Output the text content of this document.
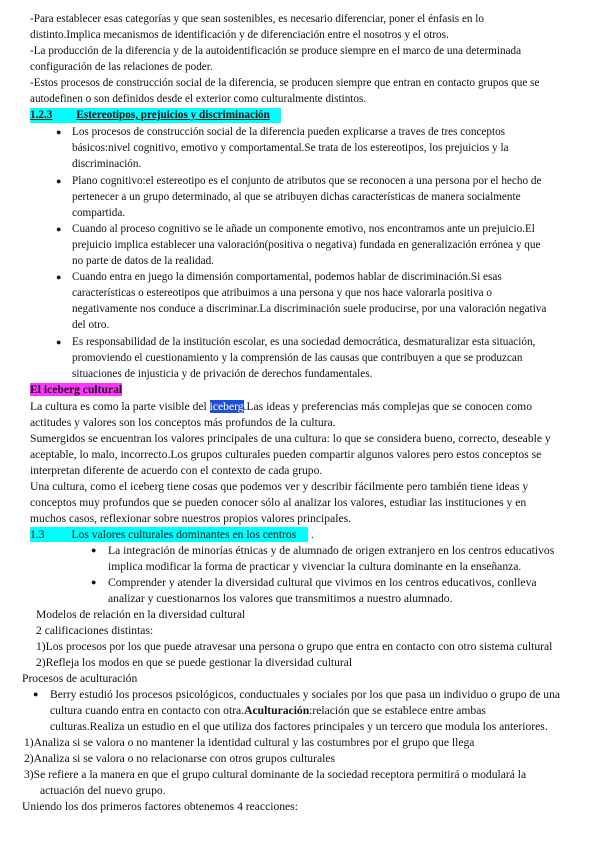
-Para establecer esas categorías y que sean sostenibles, es necesario diferenciar, poner el énfasis en lo
distinto.Implica mecanismos de identificación y de diferenciación entre el nosotros y el otros.
-La producción de la diferencia y de la autoidentificación se produce siempre en el marco de una determinada
configuración de las relaciones de poder.
-Estos procesos de construcción social de la diferencia, se producen siempre que entran en contacto grupos que se
autodefinen o son definidos desde el exterior como culturalmente distintos.
1.2.3 Estereotipos, prejuicios y discriminación
● Los procesos de construcción social de la diferencia pueden explicarse a traves de tres conceptos
básicos:nivel cognitivo, emotivo y comportamental.Se trata de los estereotipos, los prejuicios y la
discriminación.
● Plano cognitivo:el estereotipo es el conjunto de atributos que se reconocen a una persona por el hecho de
pertenecer a un grupo determinado, al que se atribuyen dichas características de manera socialmente
compartida.
● Cuando al proceso cognitivo se le añade un componente emotivo, nos encontramos ante un prejuicio.El
prejuicio implica establecer una valoración(positiva o negativa) fundada en generalización errónea y que
no parte de datos de la realidad.
● Cuando entra en juego la dimensión comportamental, podemos hablar de discriminación.Si esas
características o estereotipos que atribuimos a una persona y que nos hace valorarla positiva o
negativamente nos conduce a discriminar.La discriminación suele producirse, por una valoración negativa
del otro.
● Es responsabilidad de la institución escolar, es una sociedad democrática, desmaturalizar esta situación,
promoviendo el cuestionamiento y la comprensión de las causas que contribuyen a que se produzcan
situaciones de injusticia y de privación de derechos fundamentales.
El iceberg cultural
La cultura es como la parte visible del iceberg.Las ideas y preferencias más complejas que se conocen como
actitudes y valores son los conceptos más profundos de la cultura.
Sumergidos se encuentran los valores principales de una cultura: lo que se considera bueno, correcto, deseable y
aceptable, lo malo, incorrecto.Los grupos culturales pueden compartir algunos valores pero estos conceptos se
interpretan diferente de acuerdo con el contexto de cada grupo.
Una cultura, como el iceberg tiene cosas que podemos ver y describir fácilmente pero también tiene ideas y
conceptos muy profundos que se pueden conocer sólo al analizar los valores, estudiar las instituciones y en
muchos casos, reflexionar sobre nuestros propios valores principales.
1.3 Los valores culturales dominantes en los centros .
● La integración de minorías étnicas y de alumnado de origen extranjero en los centros educativos
implica modificar la forma de practicar y vivenciar la cultura dominante en la enseñanza.
● Comprender y atender la diversidad cultural que vivimos en los centros educativos, conlleva
analizar y cuestionarnos los valores que transmitimos a nuestro alumnado.
Modelos de relación en la diversidad cultural
2 calificaciones distintas:
1)Los procesos por los que puede atravesar una persona o grupo que entra en contacto con otro sistema cultural
2)Refleja los modos en que se puede gestionar la diversidad cultural
Procesos de aculturación
● Berry estudió los procesos psicológicos, conductuales y sociales por los que pasa un individuo o grupo de una
cultura cuando entra en contacto con otra.Aculturación:relación que se establece entre ambas
culturas.Realiza un estudio en el que utiliza dos factores principales y un tercero que modula los anteriores.
1)Analiza si se valora o no mantener la identidad cultural y las costumbres por el grupo que llega
2)Analiza si se valora o no relacionarse con otros grupos culturales
3)Se refiere a la manera en que el grupo cultural dominante de la sociedad receptora permitirá o modulará la
actuación del nuevo grupo.
Uniendo los dos primeros factores obtenemos 4 reacciones:
